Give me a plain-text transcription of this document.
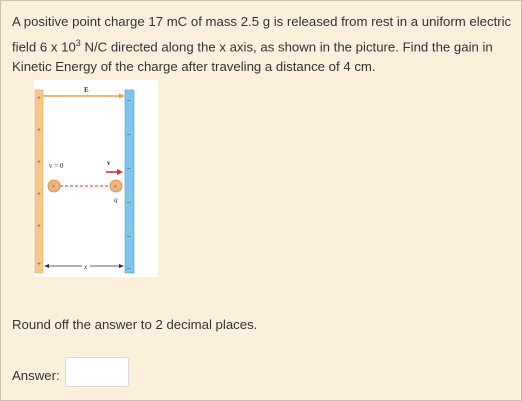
A positive point charge 17 mC of mass 2.5 g is released from rest in a uniform electric field 6 x $10^3$ N/C directed along the x axis, as shown in the picture. Find the gain in Kinetic Energy of the charge after traveling a distance of 4 cm.
+
+
+
+
+
+
–
–
–
–
–
–
E
v = 0
+	+
q
v
x
Round off the answer to 2 decimal places.
Answer:
